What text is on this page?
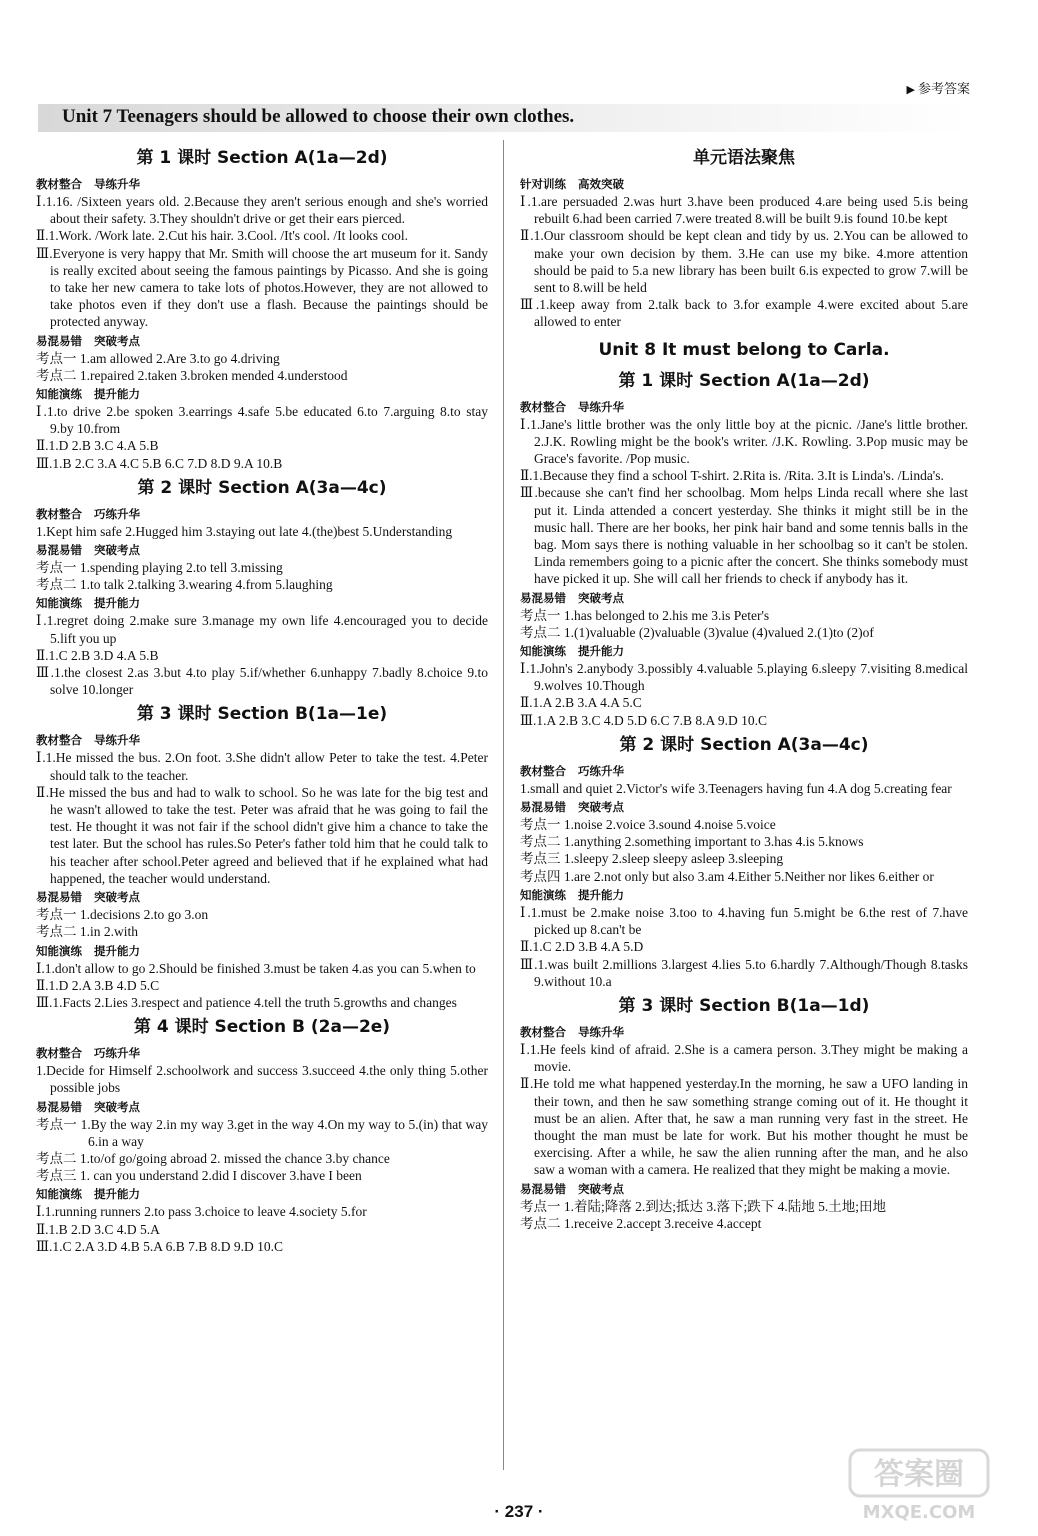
▶ 参考答案
Unit 7 Teenagers should be allowed to choose their own clothes.
第 1 课时 Section A(1a—2d)
教材整合 导练升华
Ⅰ.1.16. /Sixteen years old. 2.Because they aren't serious enough and she's worried about their safety. 3.They shouldn't drive or get their ears pierced.
Ⅱ.1.Work. /Work late. 2.Cut his hair. 3.Cool. /It's cool. /It looks cool.
Ⅲ.Everyone is very happy that Mr. Smith will choose the art museum for it. Sandy is really excited about seeing the famous paintings by Picasso. And she is going to take her new camera to take lots of photos.However, they are not allowed to take photos even if they don't use a flash. Because the paintings should be protected anyway.
易混易错 突破考点
考点一 1.am allowed 2.Are 3.to go 4.driving
考点二 1.repaired 2.taken 3.broken mended 4.understood
知能演练 提升能力
Ⅰ.1.to drive 2.be spoken 3.earrings 4.safe 5.be educated 6.to 7.arguing 8.to stay 9.by 10.from
Ⅱ.1.D 2.B 3.C 4.A 5.B
Ⅲ.1.B 2.C 3.A 4.C 5.B 6.C 7.D 8.D 9.A 10.B
第 2 课时 Section A(3a—4c)
教材整合 巧练升华
1.Kept him safe 2.Hugged him 3.staying out late 4.(the)best 5.Understanding
易混易错 突破考点
考点一 1.spending playing 2.to tell 3.missing
考点二 1.to talk 2.talking 3.wearing 4.from 5.laughing
知能演练 提升能力
Ⅰ.1.regret doing 2.make sure 3.manage my own life 4.encouraged you to decide 5.lift you up
Ⅱ.1.C 2.B 3.D 4.A 5.B
Ⅲ.1.the closest 2.as 3.but 4.to play 5.if/whether 6.unhappy 7.badly 8.choice 9.to solve 10.longer
第 3 课时 Section B(1a—1e)
教材整合 导练升华
Ⅰ.1.He missed the bus. 2.On foot. 3.She didn't allow Peter to take the test. 4.Peter should talk to the teacher.
Ⅱ.He missed the bus and had to walk to school. So he was late for the big test and he wasn't allowed to take the test. Peter was afraid that he was going to fail the test. He thought it was not fair if the school didn't give him a chance to take the test later. But the school has rules.So Peter's father told him that he could talk to his teacher after school.Peter agreed and believed that if he explained what had happened, the teacher would understand.
易混易错 突破考点
考点一 1.decisions 2.to go 3.on
考点二 1.in 2.with
知能演练 提升能力
Ⅰ.1.don't allow to go 2.Should be finished 3.must be taken 4.as you can 5.when to
Ⅱ.1.D 2.A 3.B 4.D 5.C
Ⅲ.1.Facts 2.Lies 3.respect and patience 4.tell the truth 5.growths and changes
第 4 课时 Section B (2a—2e)
教材整合 巧练升华
1.Decide for Himself 2.schoolwork and success 3.succeed 4.the only thing 5.other possible jobs
易混易错 突破考点
考点一 1.By the way 2.in my way 3.get in the way 4.On my way to 5.(in) that way 6.in a way
考点二 1.to/of go/going abroad 2. missed the chance 3.by chance
考点三 1. can you understand 2.did I discover 3.have I been
知能演练 提升能力
Ⅰ.1.running runners 2.to pass 3.choice to leave 4.society 5.for
Ⅱ.1.B 2.D 3.C 4.D 5.A
Ⅲ.1.C 2.A 3.D 4.B 5.A 6.B 7.B 8.D 9.D 10.C
单元语法聚焦
针对训练 高效突破
Ⅰ.1.are persuaded 2.was hurt 3.have been produced 4.are being used 5.is being rebuilt 6.had been carried 7.were treated 8.will be built 9.is found 10.be kept
Ⅱ.1.Our classroom should be kept clean and tidy by us. 2.You can be allowed to make your own decision by them. 3.He can use my bike. 4.more attention should be paid to 5.a new library has been built 6.is expected to grow 7.will be sent to 8.will be held
Ⅲ.1.keep away from 2.talk back to 3.for example 4.were excited about 5.are allowed to enter
Unit 8 It must belong to Carla.
第 1 课时 Section A(1a—2d)
教材整合 导练升华
Ⅰ.1.Jane's little brother was the only little boy at the picnic. /Jane's little brother. 2.J.K. Rowling might be the book's writer. /J.K. Rowling. 3.Pop music may be Grace's favorite. /Pop music.
Ⅱ.1.Because they find a school T-shirt. 2.Rita is. /Rita. 3.It is Linda's. /Linda's.
Ⅲ.because she can't find her schoolbag. Mom helps Linda recall where she last put it. Linda attended a concert yesterday. She thinks it might still be in the music hall. There are her books, her pink hair band and some tennis balls in the bag. Mom says there is nothing valuable in her schoolbag so it can't be stolen. Linda remembers going to a picnic after the concert. She thinks somebody must have picked it up. She will call her friends to check if anybody has it.
易混易错 突破考点
考点一 1.has belonged to 2.his me 3.is Peter's
考点二 1.(1)valuable (2)valuable (3)value (4)valued 2.(1)to (2)of
知能演练 提升能力
Ⅰ.1.John's 2.anybody 3.possibly 4.valuable 5.playing 6.sleepy 7.visiting 8.medical 9.wolves 10.Though
Ⅱ.1.A 2.B 3.A 4.A 5.C
Ⅲ.1.A 2.B 3.C 4.D 5.D 6.C 7.B 8.A 9.D 10.C
第 2 课时 Section A(3a—4c)
教材整合 巧练升华
1.small and quiet 2.Victor's wife 3.Teenagers having fun 4.A dog 5.creating fear
易混易错 突破考点
考点一 1.noise 2.voice 3.sound 4.noise 5.voice
考点二 1.anything 2.something important to 3.has 4.is 5.knows
考点三 1.sleepy 2.sleep sleepy asleep 3.sleeping
考点四 1.are 2.not only but also 3.am 4.Either 5.Neither nor likes 6.either or
知能演练 提升能力
Ⅰ.1.must be 2.make noise 3.too to 4.having fun 5.might be 6.the rest of 7.have picked up 8.can't be
Ⅱ.1.C 2.D 3.B 4.A 5.D
Ⅲ.1.was built 2.millions 3.largest 4.lies 5.to 6.hardly 7.Although/Though 8.tasks 9.without 10.a
第 3 课时 Section B(1a—1d)
教材整合 导练升华
Ⅰ.1.He feels kind of afraid. 2.She is a camera person. 3.They might be making a movie.
Ⅱ.He told me what happened yesterday.In the morning, he saw a UFO landing in their town, and then he saw something strange coming out of it. He thought it must be an alien. After that, he saw a man running very fast in the street. He thought the man must be late for work. But his mother thought he must be exercising. After a while, he saw the alien running after the man, and he also saw a woman with a camera. He realized that they might be making a movie.
易混易错 突破考点
考点一 1.着陆;降落 2.到达;抵达 3.落下;跌下 4.陆地 5.土地;田地
考点二 1.receive 2.accept 3.receive 4.accept
· 237 ·
答案圈
MXQE.COM
